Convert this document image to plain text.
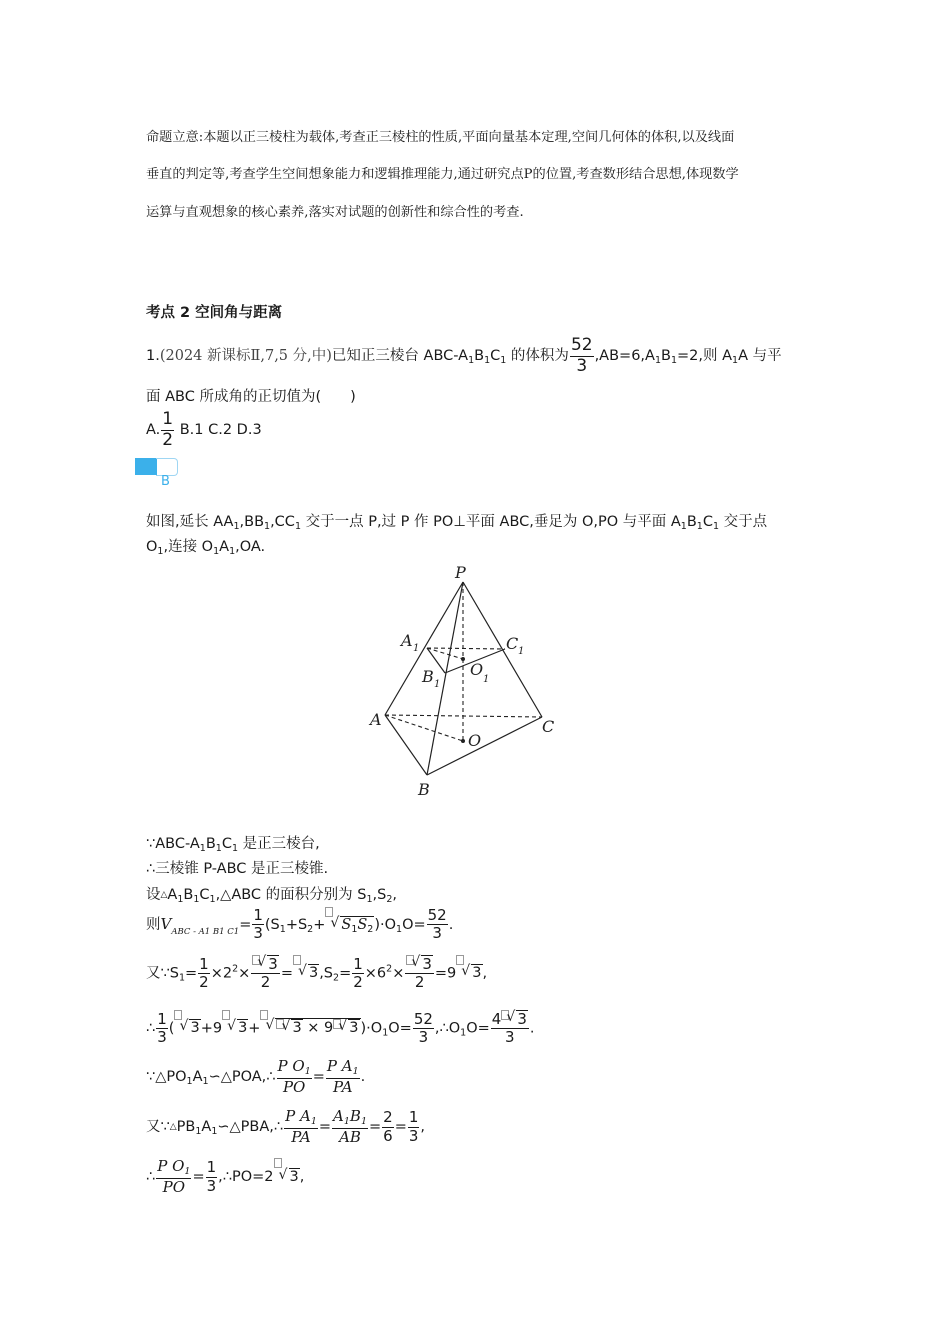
命题立意:本题以正三棱柱为载体,考查正三棱柱的性质,平面向量基本定理,空间几何体的体积,以及线面
垂直的判定等,考查学生空间想象能力和逻辑推理能力,通过研究点P的位置,考查数形结合思想,体现数学
运算与直观想象的核心素养,落实对试题的创新性和综合性的考查.
考点 2 空间角与距离
1.(2024 新课标Ⅱ,7,5 分,中)已知正三棱台 ABC-$A_1B_1C_1$ 的体积为 $\frac{52}{3} ,AB=6,A_1B_1=2$,则 $A_1A$ 与平
面 ABC 所成角的正切值为(　　)
A. $\frac{1}{2} B.1$ C.2 D.3
B
如图,延长 $AA_1,BB_1,CC_1$ 交于一点 P,过 P 作 PO⊥平面 ABC,垂足为 O,PO 与平面 $A_1B_1C_1$ 交于点
$O_1$,连接 $O_1A_1,OA$.
P
A 1	C 1
B 1
O
1
A	C
O
B
$\because ABC-A_1B_1C_1$ 是正三棱台,
∴三棱锥 P-ABC 是正三棱锥.
设$\triangle A_1B_1C_1,\triangle ABC$ 的面积分别为 $S_1,S_2$,
则$V_{ABC - A1 B1 C1}= \frac{1}{3} (S_1+S_2+√$ $S_1S_2)\cdot O_1O= \frac{52}{3}$ .
又$\because S_1= \frac{1}{2} \times 2^2\times$
√ $\frac{3}{2}$ =√ $3,S_2= \frac{1}{2} \times 6^2\times$
√ $\frac{3}{2} =9√$ 3,
∴ $\frac{1}{3}$ (√ 3+9√ 3+√ √ 3 × 9√ 3 )$\cdot O_1O= \frac{52}{3}$ $,\therefore O_1O= \frac{4√ 3}{3}$ .
$\because\triangle PO_1A_1∽\triangle POA,\therefore \frac{P O_1}{PO} = \frac{P A_1}{PA}$ .
又$\because\triangle PB_1A_1∽\triangle PBA,\therefore \frac{P A_1}{PA} = \frac{A_1B_1}{AB} = \frac{2}{6} = \frac{1}{3}$ ,
∴ $\frac{P O_1}{PO} = \frac{1}{3}$ ,∴PO=2√ 3,
